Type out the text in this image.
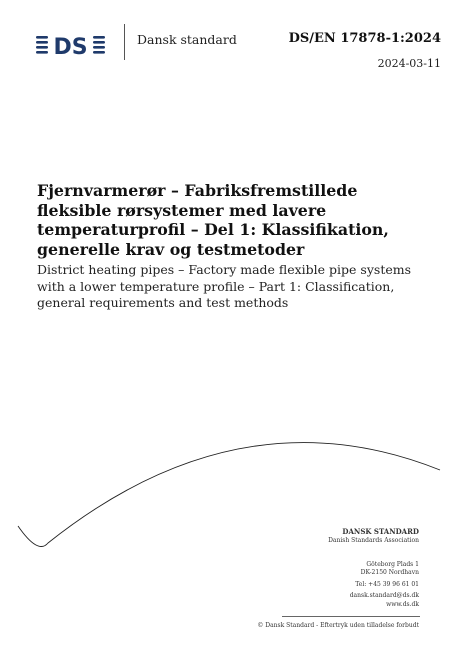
DS	Dansk standard	DS/EN 17878-1:2024
2024-03-11
Fjernvarmerør – Fabriksfremstillede fleksible rørsystemer med lavere temperaturprofil – Del 1: Klassifikation, generelle krav og testmetoder
District heating pipes – Factory made flexible pipe systems with a lower temperature profile – Part 1: Classification, general requirements and test methods
DANSK STANDARD
Danish Standards Association
Göteborg Plads 1
DK-2150 Nordhavn
Tel: +45 39 96 61 01
dansk.standard@ds.dk
www.ds.dk
© Dansk Standard - Eftertryk uden tilladelse forbudt
